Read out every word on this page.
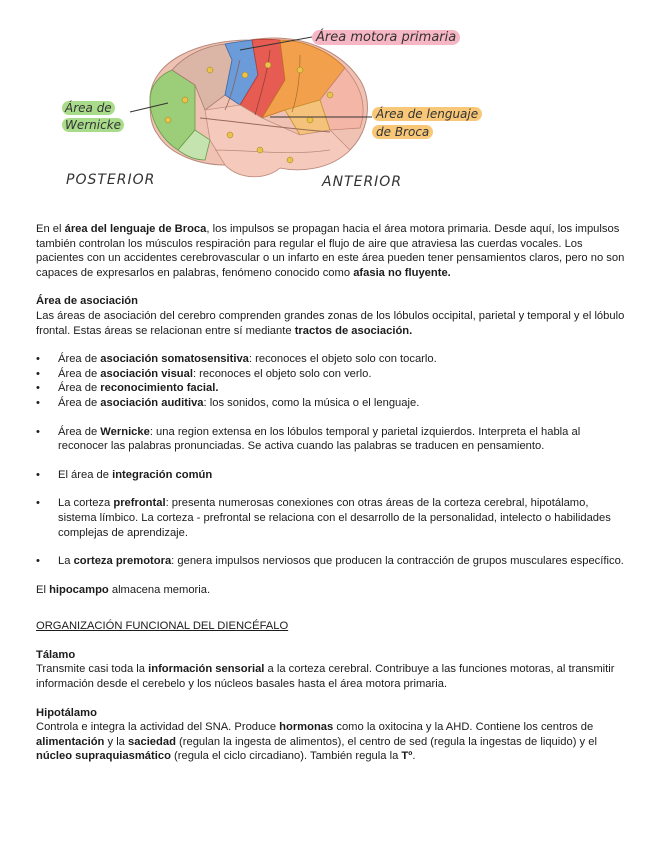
Área motora primaria
Área de
Wernicke
Área de lenguaje
de Broca
POSTERIOR	ANTERIOR

En el área del lenguaje de Broca, los impulsos se propagan hacia el área motora primaria. Desde aquí, los impulsos también controlan los músculos respiración para regular el flujo de aire que atraviesa las cuerdas vocales. Los pacientes con un accidentes cerebrovascular o un infarto en este área pueden tener pensamientos claros, pero no son capaces de expresarlos en palabras, fenómeno conocido como afasia no fluyente.

Área de asociación

Las áreas de asociación del cerebro comprenden grandes zonas de los lóbulos occipital, parietal y temporal y el lóbulo frontal. Estas áreas se relacionan entre sí mediante tractos de asociación.

• Área de asociación somatosensitiva: reconoces el objeto solo con tocarlo.
• Área de asociación visual: reconoces el objeto solo con verlo.
• Área de reconocimiento facial.
• Área de asociación auditiva: los sonidos, como la música o el lenguaje.
• Área de Wernicke: una region extensa en los lóbulos temporal y parietal izquierdos. Interpreta el habla al reconocer las palabras pronunciadas. Se activa cuando las palabras se traducen en pensamiento.
• El área de integración común
• La corteza prefrontal: presenta numerosas conexiones con otras áreas de la corteza cerebral, hipotálamo, sistema límbico. La corteza - prefrontal se relaciona con el desarrollo de la personalidad, intelecto o habilidades complejas de aprendizaje.
• La corteza premotora: genera impulsos nerviosos que producen la contracción de grupos musculares específico.

El hipocampo almacena memoria.

ORGANIZACIÓN FUNCIONAL DEL DIENCÉFALO

Tálamo

Transmite casi toda la información sensorial a la corteza cerebral. Contribuye a las funciones motoras, al transmitir información desde el cerebelo y los núcleos basales hasta el área motora primaria.

Hipotálamo

Controla e integra la actividad del SNA. Produce hormonas como la oxitocina y la AHD. Contiene los centros de alimentación y la saciedad (regulan la ingesta de alimentos), el centro de sed (regula la ingestas de liquido) y el núcleo supraquiasmático (regula el ciclo circadiano). También regula la Tº.
